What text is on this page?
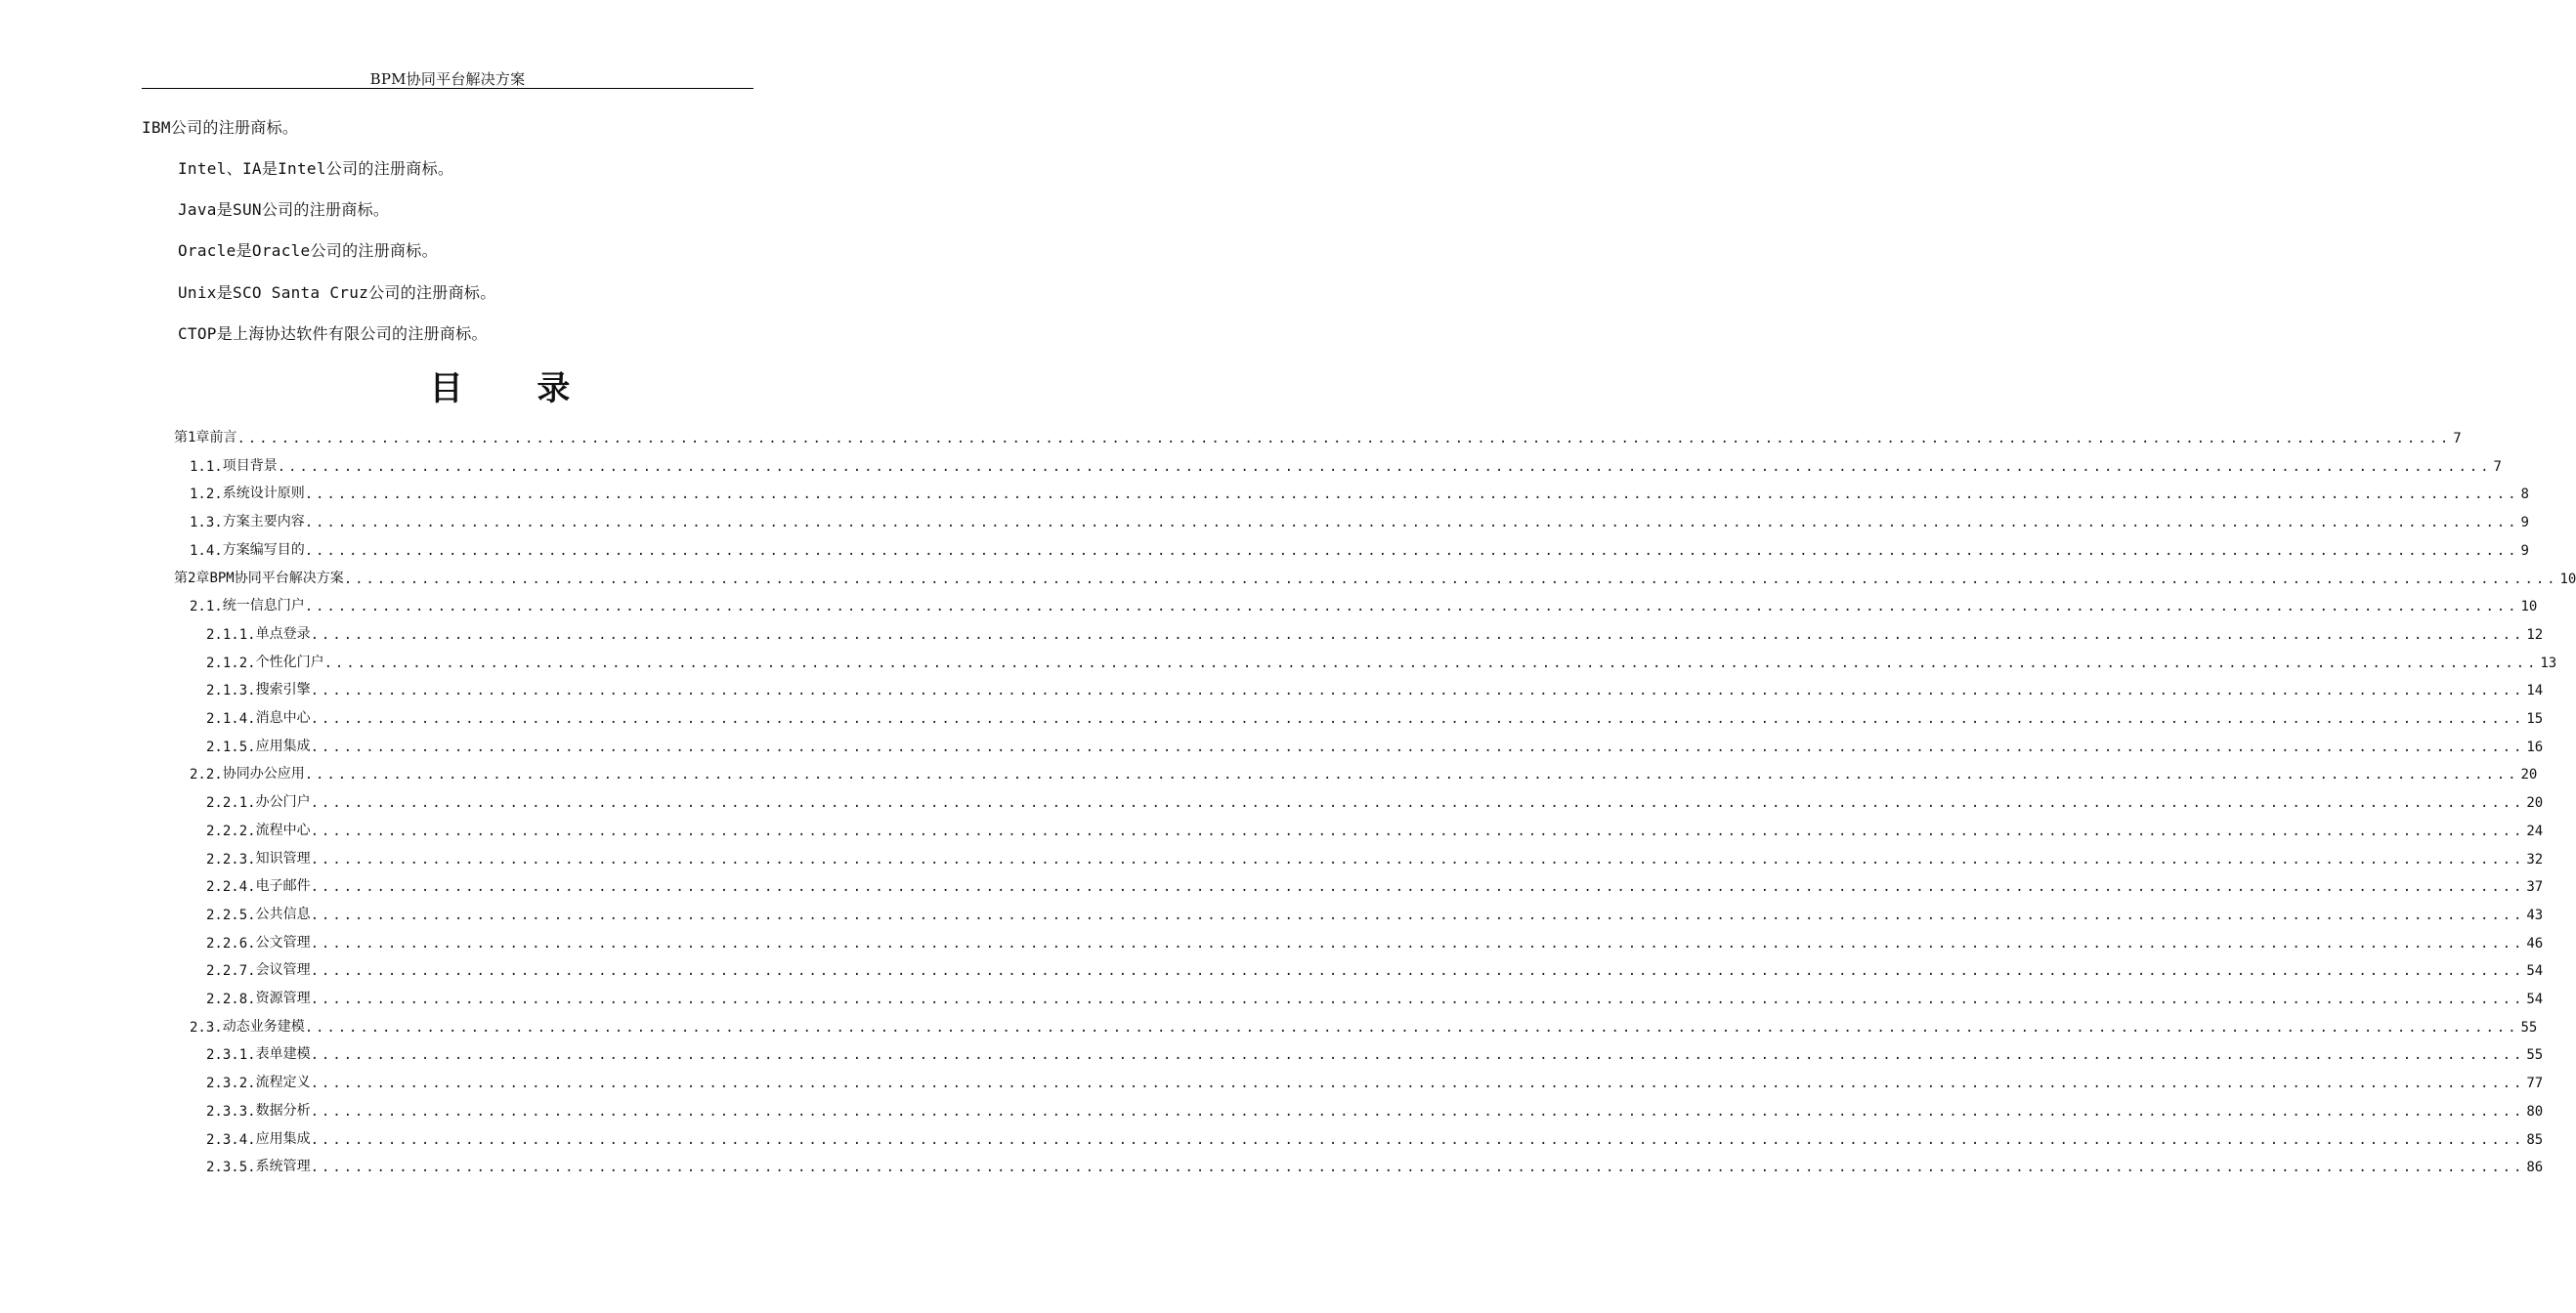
BPM协同平台解决方案
IBM公司的注册商标。
Intel、IA是Intel公司的注册商标。
Java是SUN公司的注册商标。
Oracle是Oracle公司的注册商标。
Unix是SCO Santa Cruz公司的注册商标。
CTOP是上海协达软件有限公司的注册商标。
目 录
第1章 前言 ........................................................................................................................................................................................................ 7
1.1. 项目背景 ........................................................................................................................................................................................................ 7
1.2. 系统设计原则 ........................................................................................................................................................................................................ 8
1.3. 方案主要内容 ........................................................................................................................................................................................................ 9
1.4. 方案编写目的 ........................................................................................................................................................................................................ 9
第2章 BPM协同平台解决方案 ........................................................................................................................................................................................................ 10
2.1. 统一信息门户 ........................................................................................................................................................................................................ 10
2.1.1. 单点登录 ........................................................................................................................................................................................................ 12
2.1.2. 个性化门户 ........................................................................................................................................................................................................ 13
2.1.3. 搜索引擎 ........................................................................................................................................................................................................ 14
2.1.4. 消息中心 ........................................................................................................................................................................................................ 15
2.1.5. 应用集成 ........................................................................................................................................................................................................ 16
2.2. 协同办公应用 ........................................................................................................................................................................................................ 20
2.2.1. 办公门户 ........................................................................................................................................................................................................ 20
2.2.2. 流程中心 ........................................................................................................................................................................................................ 24
2.2.3. 知识管理 ........................................................................................................................................................................................................ 32
2.2.4. 电子邮件 ........................................................................................................................................................................................................ 37
2.2.5. 公共信息 ........................................................................................................................................................................................................ 43
2.2.6. 公文管理 ........................................................................................................................................................................................................ 46
2.2.7. 会议管理 ........................................................................................................................................................................................................ 54
2.2.8. 资源管理 ........................................................................................................................................................................................................ 54
2.3. 动态业务建模 ........................................................................................................................................................................................................ 55
2.3.1. 表单建模 ........................................................................................................................................................................................................ 55
2.3.2. 流程定义 ........................................................................................................................................................................................................ 77
2.3.3. 数据分析 ........................................................................................................................................................................................................ 80
2.3.4. 应用集成 ........................................................................................................................................................................................................ 85
2.3.5. 系统管理 ........................................................................................................................................................................................................ 86
